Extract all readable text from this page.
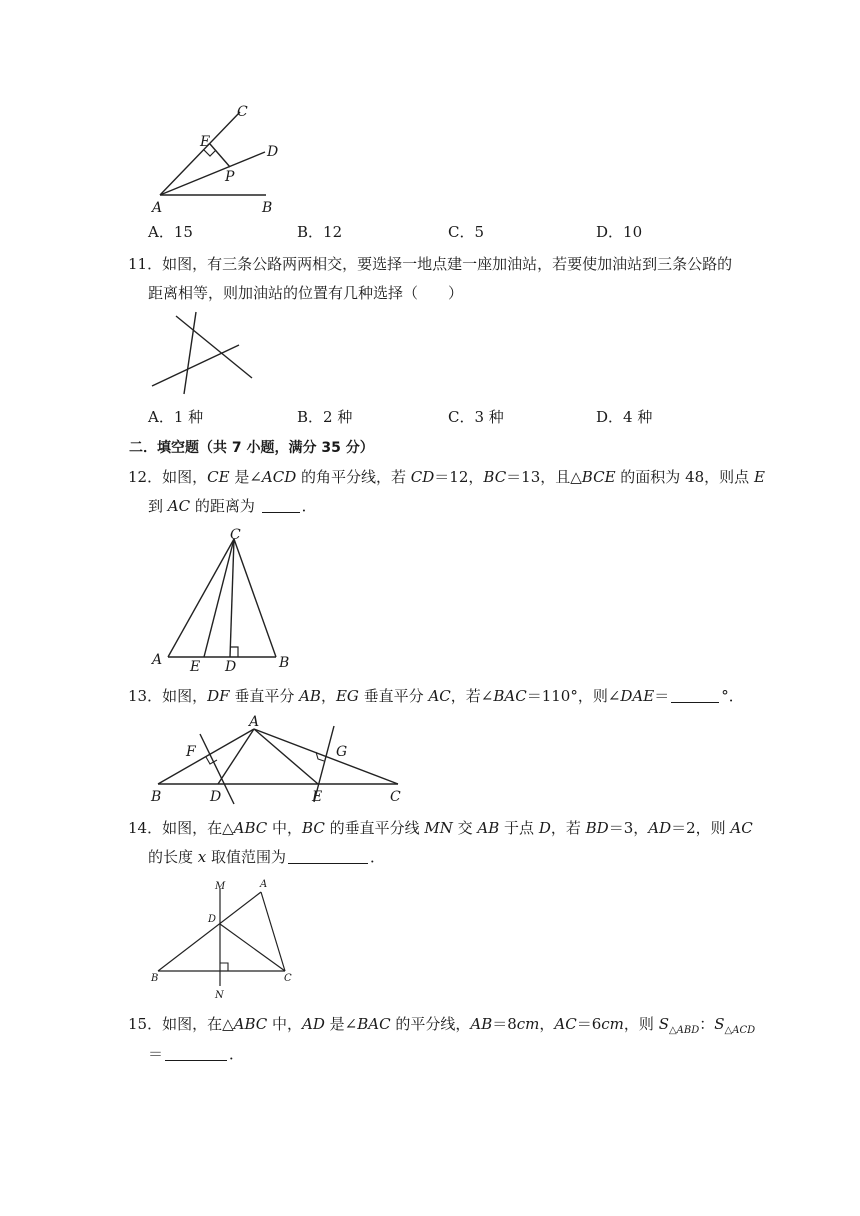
C
E
D
P
A	B
A．15	B．12	C．5	D．10
11．如图，有三条公路两两相交，要选择一地点建一座加油站，若要使加油站到三条公路的
距离相等，则加油站的位置有几种选择（　　）
A．1 种	B．2 种	C．3 种	D．4 种
二．填空题（共 7 小题，满分 35 分）
12．如图，CE 是∠ACD 的角平分线，若 CD＝12，BC＝13，且△BCE 的面积为 48，则点 E
到 AC 的距离为	．
C
A E D	B
13．如图，DF 垂直平分 AB，EG 垂直平分 AC，若∠BAC＝110°，则∠DAE＝	°．
A
F	G
B	D	E	C
14．如图，在△ABC 中，BC 的垂直平分线 MN 交 AB 于点 D，若 BD＝3，AD＝2，则 AC
的长度 x 取值范围为	．
M	A
D
B	C
N
15．如图，在△ABC 中，AD 是∠BAC 的平分线，AB＝8cm，AC＝6cm，则 $S_{\triangle ABD}$：$S_{\triangle ACD}$
＝	．
